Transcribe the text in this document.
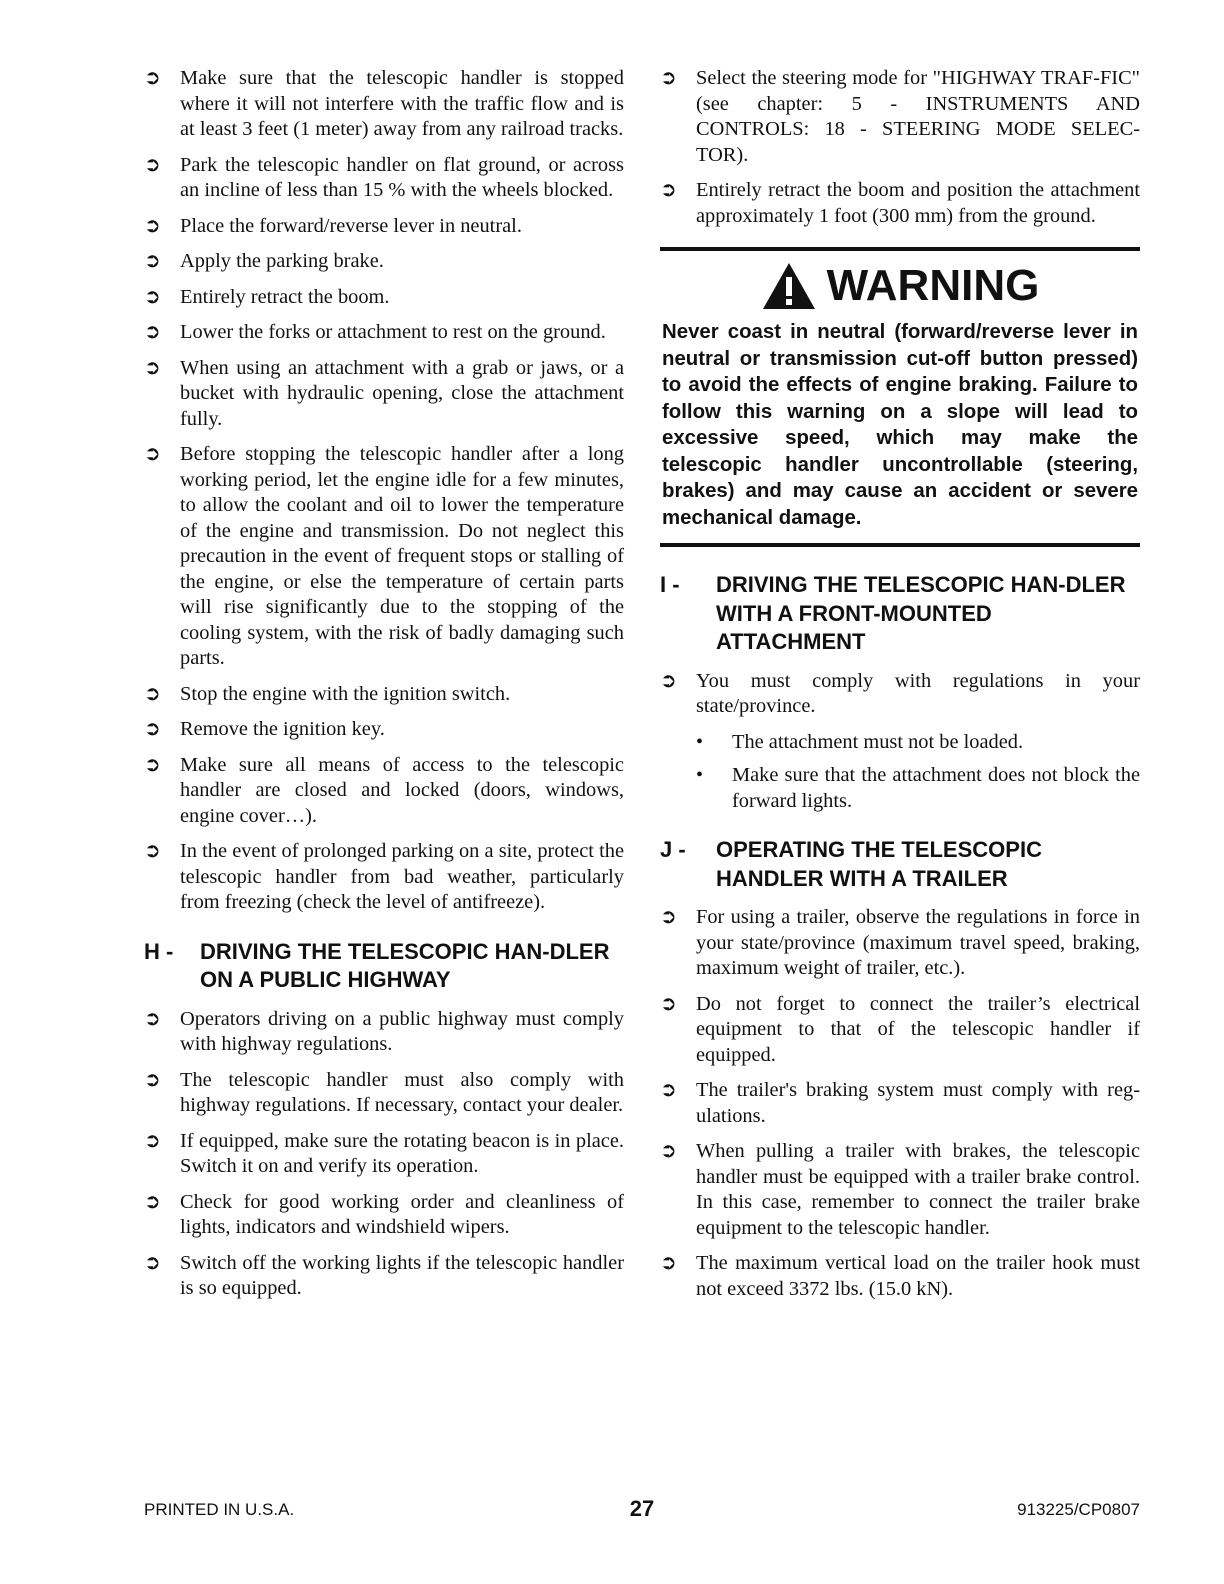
➲ Make sure that the telescopic handler is stopped where it will not interfere with the traffic flow and is at least 3 feet (1 meter) away from any railroad tracks.
➲ Park the telescopic handler on flat ground, or across an incline of less than 15 % with the wheels blocked.
➲ Place the forward/reverse lever in neutral.
➲ Apply the parking brake.
➲ Entirely retract the boom.
➲ Lower the forks or attachment to rest on the ground.
➲ When using an attachment with a grab or jaws, or a bucket with hydraulic opening, close the attachment fully.
➲ Before stopping the telescopic handler after a long working period, let the engine idle for a few minutes, to allow the coolant and oil to lower the temperature of the engine and transmission. Do not neglect this precaution in the event of frequent stops or stalling of the engine, or else the temperature of certain parts will rise significantly due to the stopping of the cooling system, with the risk of badly damaging such parts.
➲ Stop the engine with the ignition switch.
➲ Remove the ignition key.
➲ Make sure all means of access to the telescopic handler are closed and locked (doors, windows, engine cover…).
➲ In the event of prolonged parking on a site, protect the telescopic handler from bad weather, particularly from freezing (check the level of antifreeze).
H -	DRIVING THE TELESCOPIC HAN-DLER ON A PUBLIC HIGHWAY
➲ Operators driving on a public highway must comply with highway regulations.
➲ The telescopic handler must also comply with highway regulations. If necessary, contact your dealer.
➲ If equipped, make sure the rotating beacon is in place. Switch it on and verify its operation.
➲ Check for good working order and cleanliness of lights, indicators and windshield wipers.
➲ Switch off the working lights if the telescopic handler is so equipped.
➲ Select the steering mode for "HIGHWAY TRAF-FIC" (see chapter: 5 - INSTRUMENTS AND CONTROLS: 18 - STEERING MODE SELEC-TOR).
➲ Entirely retract the boom and position the attachment approximately 1 foot (300 mm) from the ground.
WARNING
Never coast in neutral (forward/reverse lever in neutral or transmission cut-off button pressed) to avoid the effects of engine braking. Failure to follow this warning on a slope will lead to excessive speed, which may make the telescopic handler uncontrollable (steering, brakes) and may cause an accident or severe mechanical damage.
I -	DRIVING THE TELESCOPIC HAN-DLER WITH A FRONT-MOUNTED ATTACHMENT
➲ You must comply with regulations in your state/province.
•	The attachment must not be loaded.
•	Make sure that the attachment does not block the forward lights.
J -	OPERATING THE TELESCOPIC HANDLER WITH A TRAILER
➲ For using a trailer, observe the regulations in force in your state/province (maximum travel speed, braking, maximum weight of trailer, etc.).
➲ Do not forget to connect the trailer’s electrical equipment to that of the telescopic handler if equipped.
➲ The trailer's braking system must comply with regulations.
➲ When pulling a trailer with brakes, the telescopic handler must be equipped with a trailer brake control. In this case, remember to connect the trailer brake equipment to the telescopic handler.
➲ The maximum vertical load on the trailer hook must not exceed 3372 lbs. (15.0 kN).
PRINTED IN U.S.A.	27	913225/CP0807
